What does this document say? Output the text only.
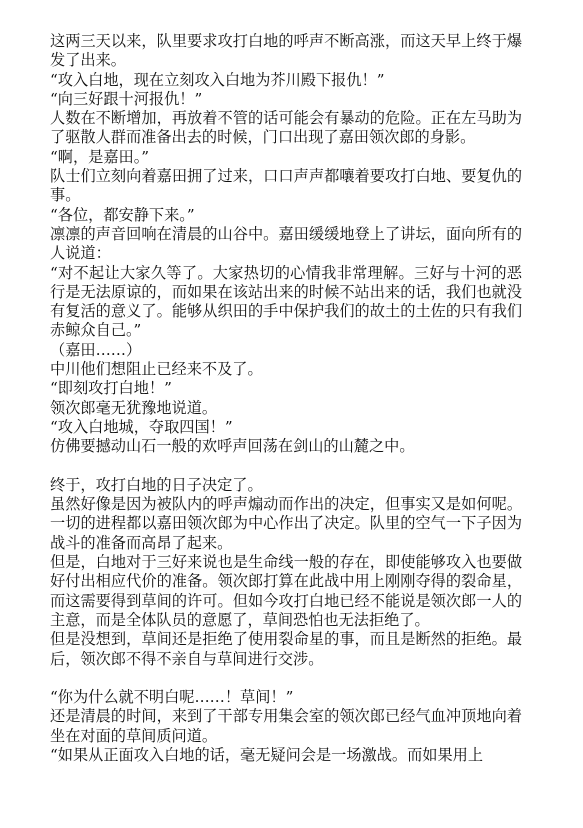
这两三天以来，队里要求攻打白地的呼声不断高涨，而这天早上终于爆发了出来。

“攻入白地，现在立刻攻入白地为芥川殿下报仇！”

“向三好跟十河报仇！”

人数在不断增加，再放着不管的话可能会有暴动的危险。正在左马助为了驱散人群而准备出去的时候，门口出现了嘉田领次郎的身影。

“啊，是嘉田。”

队士们立刻向着嘉田拥了过来，口口声声都嚷着要攻打白地、要复仇的事。

“各位，都安静下来。”

凛凛的声音回响在清晨的山谷中。嘉田缓缓地登上了讲坛，面向所有的人说道：

“对不起让大家久等了。大家热切的心情我非常理解。三好与十河的恶行是无法原谅的，而如果在该站出来的时候不站出来的话，我们也就没有复活的意义了。能够从织田的手中保护我们的故土的土佐的只有我们赤鲸众自己。”

（嘉田……）

中川他们想阻止已经来不及了。

“即刻攻打白地！”

领次郎毫无犹豫地说道。

“攻入白地城，夺取四国！”

仿佛要撼动山石一般的欢呼声回荡在剑山的山麓之中。

终于，攻打白地的日子决定了。

虽然好像是因为被队内的呼声煽动而作出的决定，但事实又是如何呢。一切的进程都以嘉田领次郎为中心作出了决定。队里的空气一下子因为战斗的准备而高昂了起来。

但是，白地对于三好来说也是生命线一般的存在，即使能够攻入也要做好付出相应代价的准备。领次郎打算在此战中用上刚刚夺得的裂命星，而这需要得到草间的许可。但如今攻打白地已经不能说是领次郎一人的主意，而是全体队员的意愿了，草间恐怕也无法拒绝了。

但是没想到，草间还是拒绝了使用裂命星的事，而且是断然的拒绝。最后，领次郎不得不亲自与草间进行交涉。

“你为什么就不明白呢……！草间！”

还是清晨的时间，来到了干部专用集会室的领次郎已经气血冲顶地向着坐在对面的草间质问道。

“如果从正面攻入白地的话，毫无疑问会是一场激战。而如果用上
